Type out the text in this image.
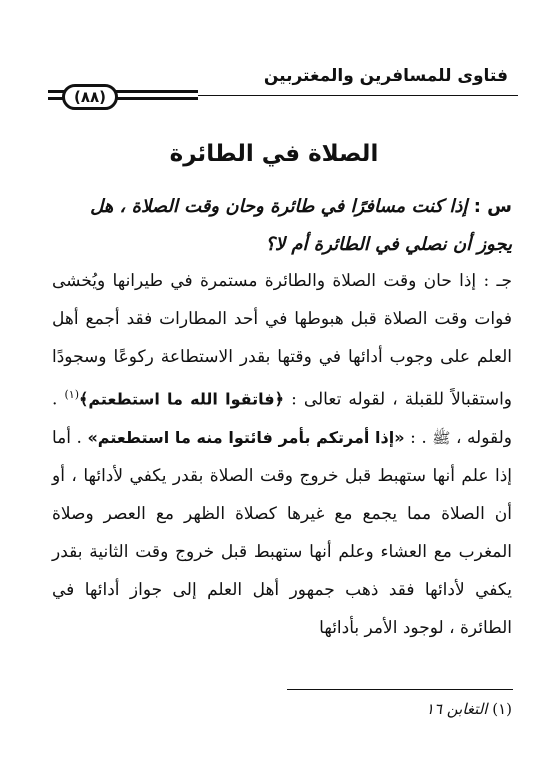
فتاوى للمسافرين والمغتربين
(٨٨)
الصلاة في الطائرة
س : إذا كنت مسافرًا في طائرة وحان وقت الصلاة ، هل يجوز أن نصلي في الطائرة أم لا؟
جـ : إذا حان وقت الصلاة والطائرة مستمرة في طيرانها ويُخشى فوات وقت الصلاة قبل هبوطها في أحد المطارات فقد أجمع أهل العلم على وجوب أدائها في وقتها بقدر الاستطاعة ركوعًا وسجودًا واستقبالاً للقبلة ، لقوله تعالى : ﴿فاتقوا الله ما استطعتم﴾$^{(١)}$ . ولقوله ، ﷺ . : «إذا أمرتكم بأمر فائتوا منه ما استطعتم» . أما إذا علم أنها ستهبط قبل خروج وقت الصلاة بقدر يكفي لأدائها ، أو أن الصلاة مما يجمع مع غيرها كصلاة الظهر مع العصر وصلاة المغرب مع العشاء وعلم أنها ستهبط قبل خروج وقت الثانية بقدر يكفي لأدائها فقد ذهب جمهور أهل العلم إلى جواز أدائها في الطائرة ، لوجود الأمر بأدائها
(١) التغابن ١٦
